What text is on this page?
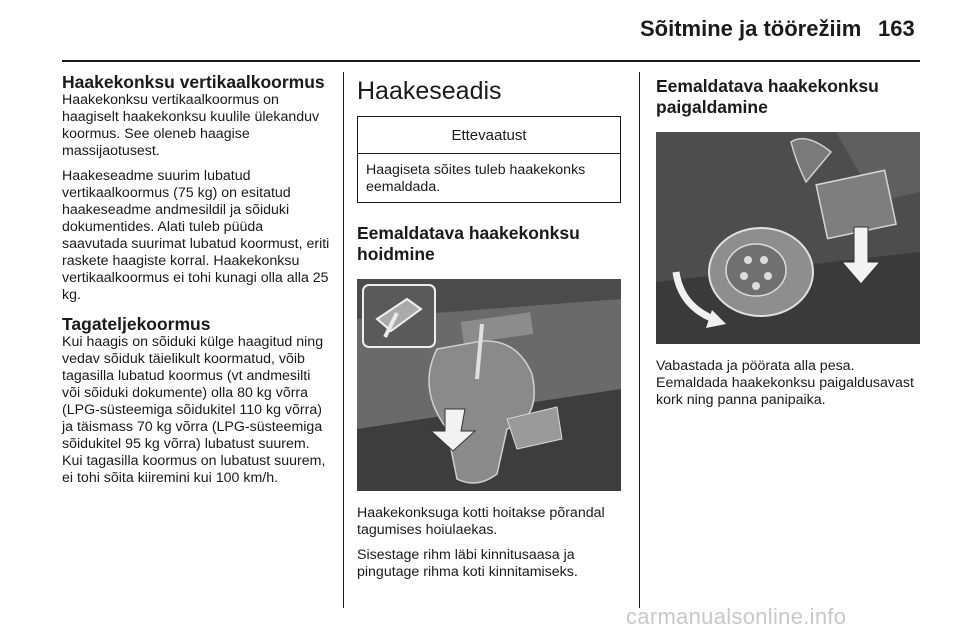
Sõitmine ja töörežiim 163
Haakekonksu vertikaalkoormus

Haakekonksu vertikaalkoormus on haagiselt haakekonksu kuulile ülekanduv koormus. See oleneb haagise massijaotusest.

Haakeseadme suurim lubatud vertikaalkoormus (75 kg) on esitatud haakeseadme andmesildil ja sõiduki dokumentides. Alati tuleb püüda saavutada suurimat lubatud koormust, eriti raskete haagiste korral. Haakekonksu vertikaalkoormus ei tohi kunagi olla alla 25 kg.

Tagateljekoormus

Kui haagis on sõiduki külge haagitud ning vedav sõiduk täielikult koormatud, võib tagasilla lubatud koormus (vt andmesilti või sõiduki dokumente) olla 80 kg võrra (LPG-süsteemiga sõidukitel 110 kg võrra) ja täismass 70 kg võrra (LPG-süsteemiga sõidukitel 95 kg võrra) lubatust suurem. Kui tagasilla koormus on lubatust suurem, ei tohi sõita kiiremini kui 100 km/h.

Haakeseadis
Ettevaatust

Haagiseta sõites tuleb haakekonks eemaldada.

Eemaldatava haakekonksu hoidmine

Haakekonksuga kotti hoitakse põrandal tagumises hoiulaekas.

Sisestage rihm läbi kinnitusaasa ja pingutage rihma koti kinnitamiseks.

Eemaldatava haakekonksu paigaldamine

Vabastada ja pöörata alla pesa. Eemaldada haakekonksu paigaldusavast kork ning panna panipaika.

carmanualsonline.info
